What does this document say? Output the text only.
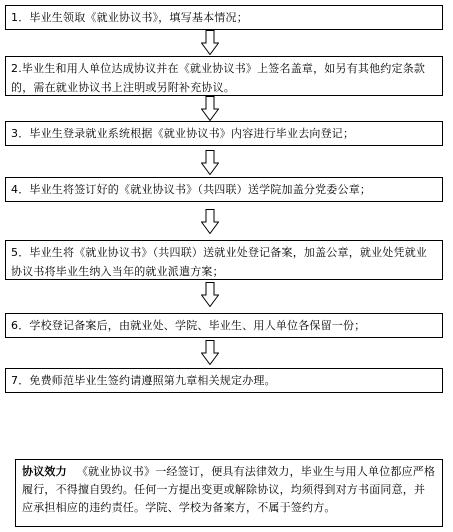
1．毕业生领取《就业协议书》，填写基本情况；
2.毕业生和用人单位达成协议并在《就业协议书》上签名盖章，如另有其他约定条款的，需在就业协议书上注明或另附补充协议。
3．毕业生登录就业系统根据《就业协议书》内容进行毕业去向登记；
4．毕业生将签订好的《就业协议书》（共四联）送学院加盖分党委公章；
5．毕业生将《就业协议书》（共四联）送就业处登记备案，加盖公章，就业处凭就业协议书将毕业生纳入当年的就业派遣方案；
6．学校登记备案后，由就业处、学院、毕业生、用人单位各保留一份；
7．免费师范毕业生签约请遵照第九章相关规定办理。
协议效力 《就业协议书》一经签订，便具有法律效力，毕业生与用人单位都应严格履行，不得擅自毁约。任何一方提出变更或解除协议，均须得到对方书面同意，并应承担相应的违约责任。学院、学校为备案方，不属于签约方。
